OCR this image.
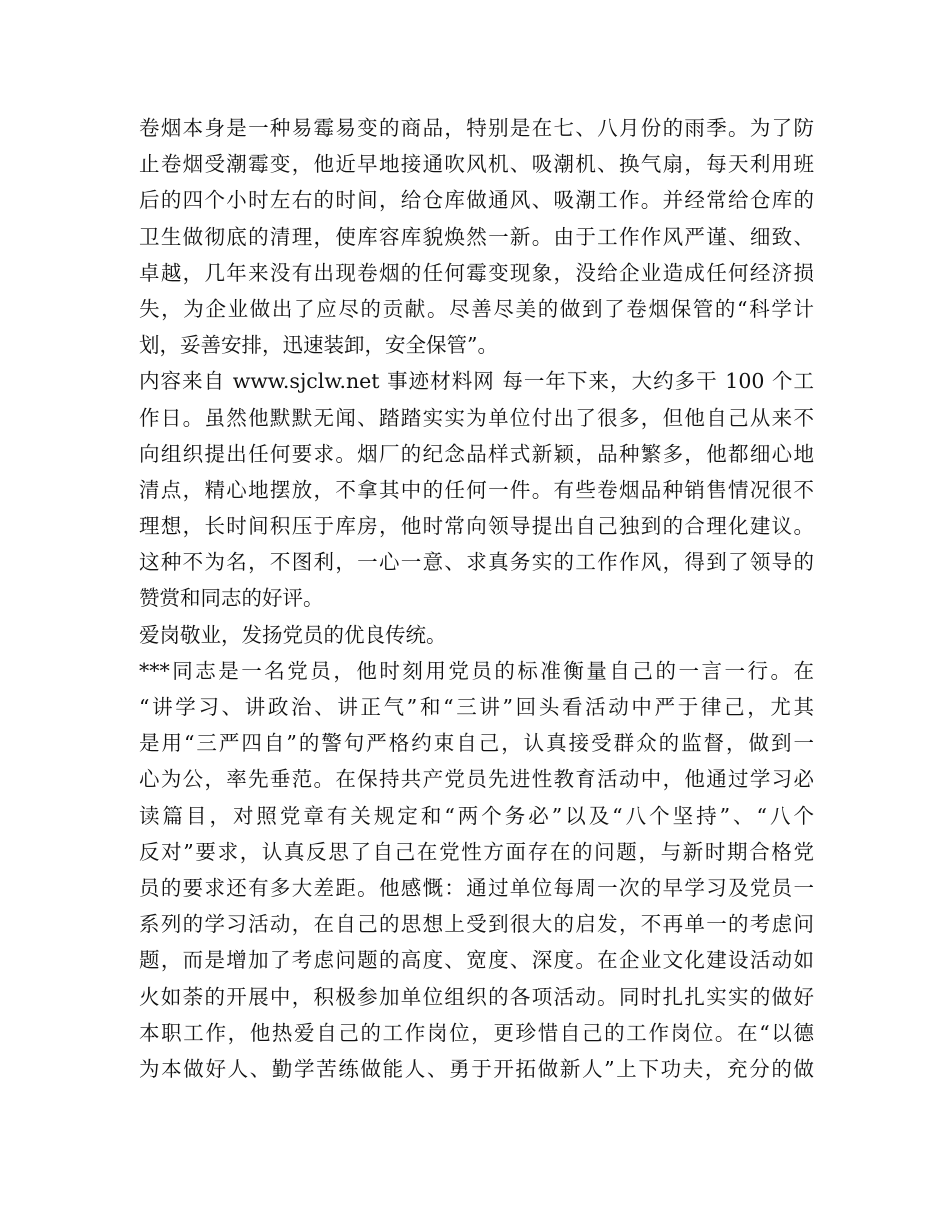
卷烟本身是一种易霉易变的商品，特别是在七、八月份的雨季。为了防
止卷烟受潮霉变，他近早地接通吹风机、吸潮机、换气扇，每天利用班
后的四个小时左右的时间，给仓库做通风、吸潮工作。并经常给仓库的
卫生做彻底的清理，使库容库貌焕然一新。由于工作作风严谨、细致、
卓越，几年来没有出现卷烟的任何霉变现象，没给企业造成任何经济损
失，为企业做出了应尽的贡献。尽善尽美的做到了卷烟保管的“科学计
划，妥善安排，迅速装卸，安全保管”。
内容来自 www.sjclw.net 事迹材料网 每一年下来，大约多干 100 个工
作日。虽然他默默无闻、踏踏实实为单位付出了很多，但他自己从来不
向组织提出任何要求。烟厂的纪念品样式新颖，品种繁多，他都细心地
清点，精心地摆放，不拿其中的任何一件。有些卷烟品种销售情况很不
理想，长时间积压于库房，他时常向领导提出自己独到的合理化建议。
这种不为名，不图利，一心一意、求真务实的工作作风，得到了领导的
赞赏和同志的好评。
爱岗敬业，发扬党员的优良传统。
***同志是一名党员，他时刻用党员的标准衡量自己的一言一行。在
“讲学习、讲政治、讲正气”和“三讲”回头看活动中严于律己，尤其
是用“三严四自”的警句严格约束自己，认真接受群众的监督，做到一
心为公，率先垂范。在保持共产党员先进性教育活动中，他通过学习必
读篇目，对照党章有关规定和“两个务必”以及“八个坚持”、“八个
反对”要求，认真反思了自己在党性方面存在的问题，与新时期合格党
员的要求还有多大差距。他感慨：通过单位每周一次的早学习及党员一
系列的学习活动，在自己的思想上受到很大的启发，不再单一的考虑问
题，而是增加了考虑问题的高度、宽度、深度。在企业文化建设活动如
火如荼的开展中，积极参加单位组织的各项活动。同时扎扎实实的做好
本职工作，他热爱自己的工作岗位，更珍惜自己的工作岗位。在“以德
为本做好人、勤学苦练做能人、勇于开拓做新人”上下功夫，充分的做
